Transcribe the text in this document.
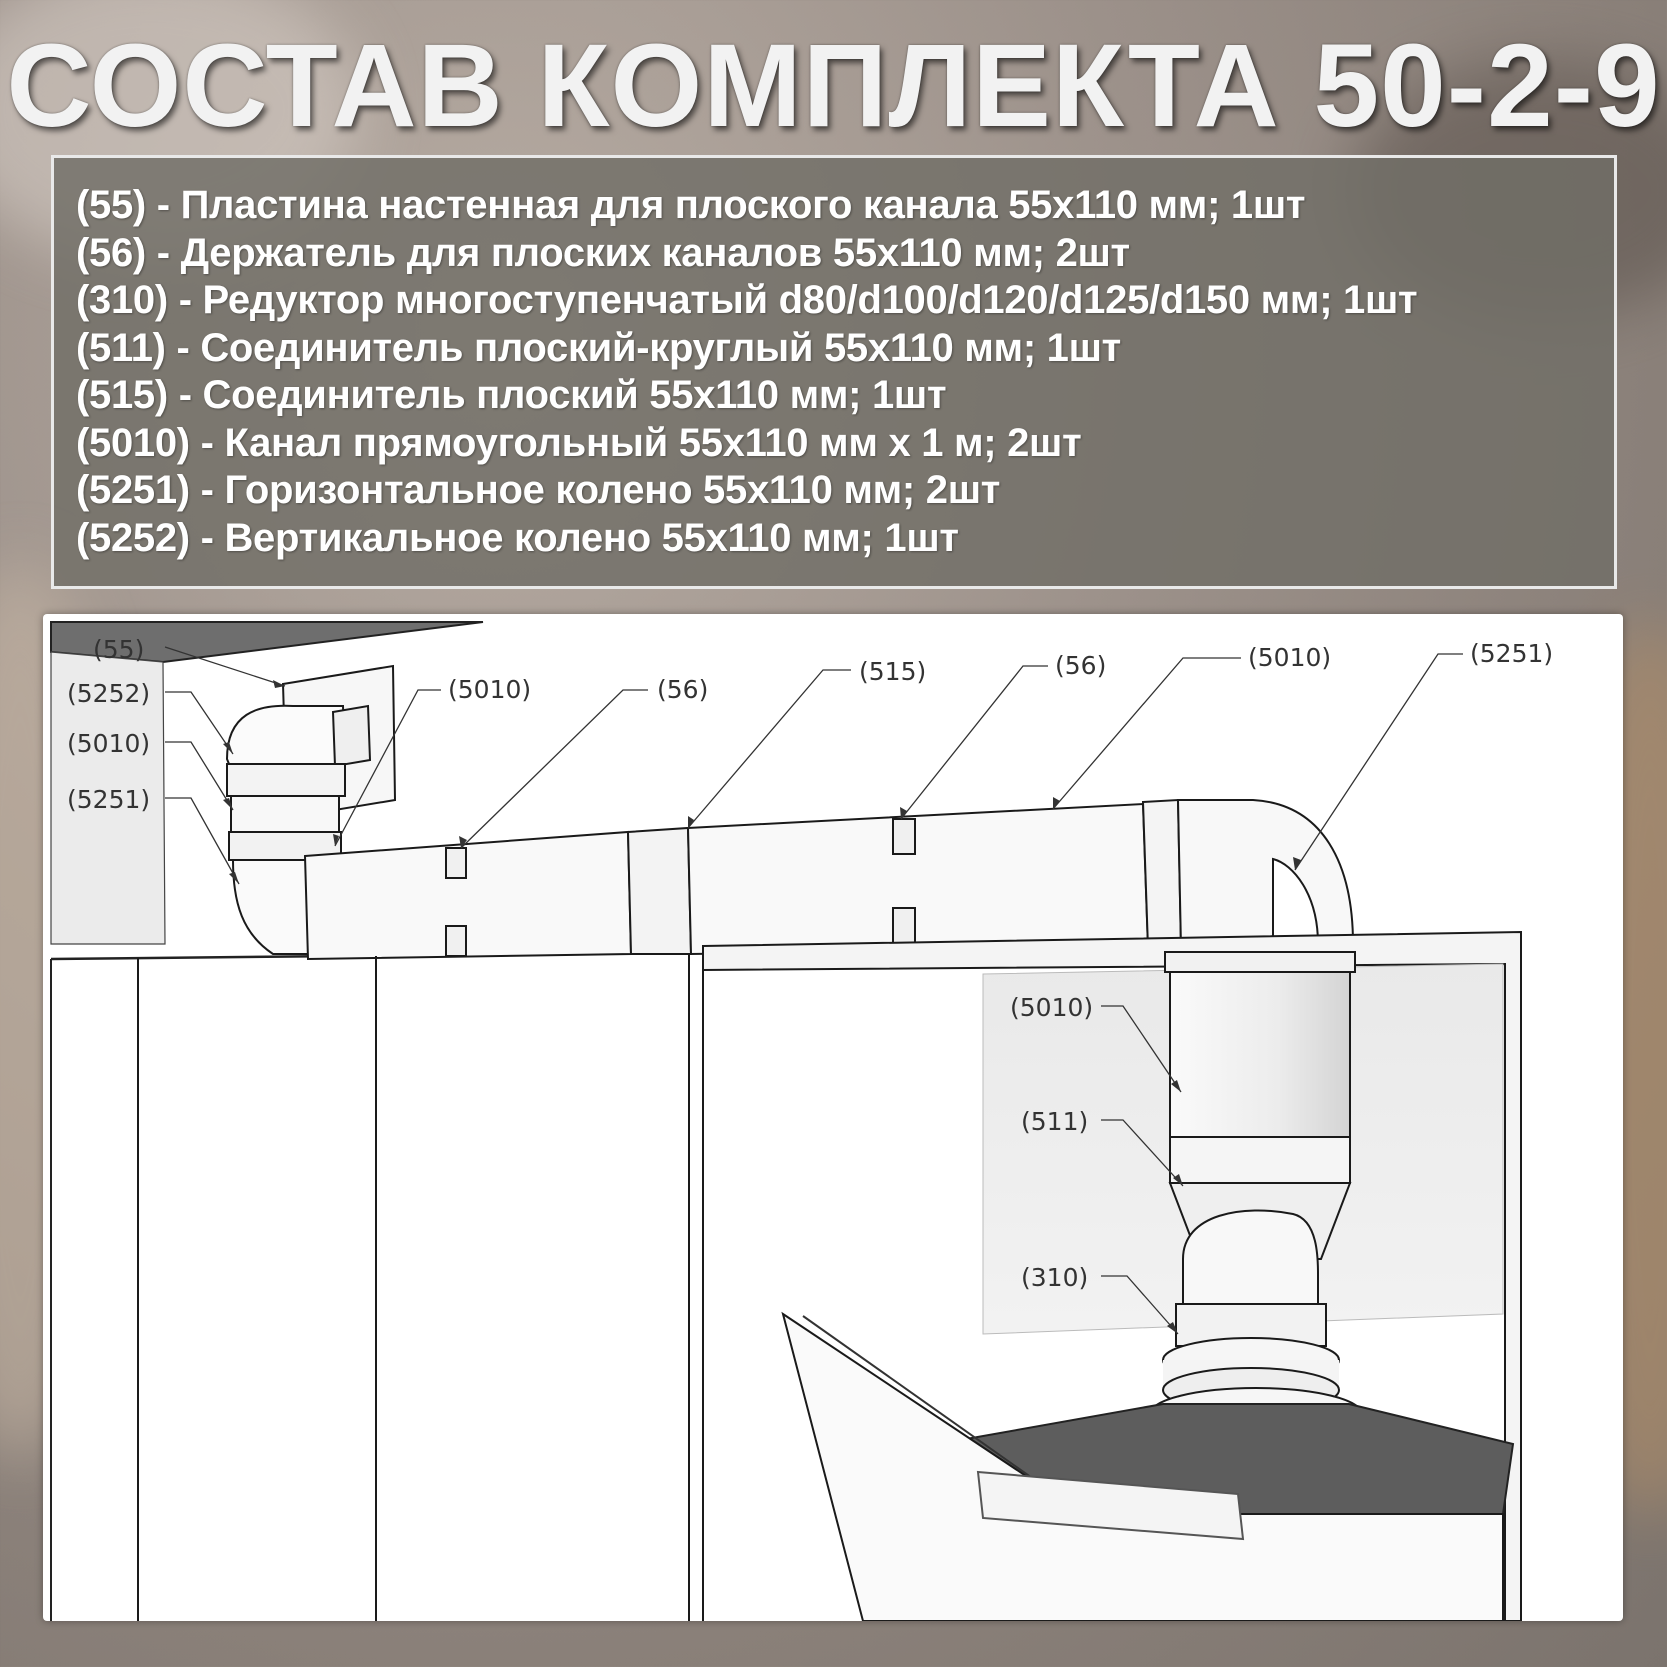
СОСТАВ КОМПЛЕКТА 50-2-9
(55) - Пластина настенная для плоского канала 55х110 мм; 1шт
(56) - Держатель для плоских каналов 55х110 мм; 2шт
(310) - Редуктор многоступенчатый d80/d100/d120/d125/d150 мм; 1шт
(511) - Соединитель плоский-круглый 55х110 мм; 1шт
(515) - Соединитель плоский 55х110 мм; 1шт
(5010) - Канал прямоугольный 55х110 мм х 1 м; 2шт
(5251) - Горизонтальное колено 55х110 мм; 2шт
(5252) - Вертикальное колено 55х110 мм; 1шт
(55)
(5252)
(5010)
(5251)
(5010)	(56)
(515)	(56)	(5010)	(5251)
(5010)
(511)
(310)
